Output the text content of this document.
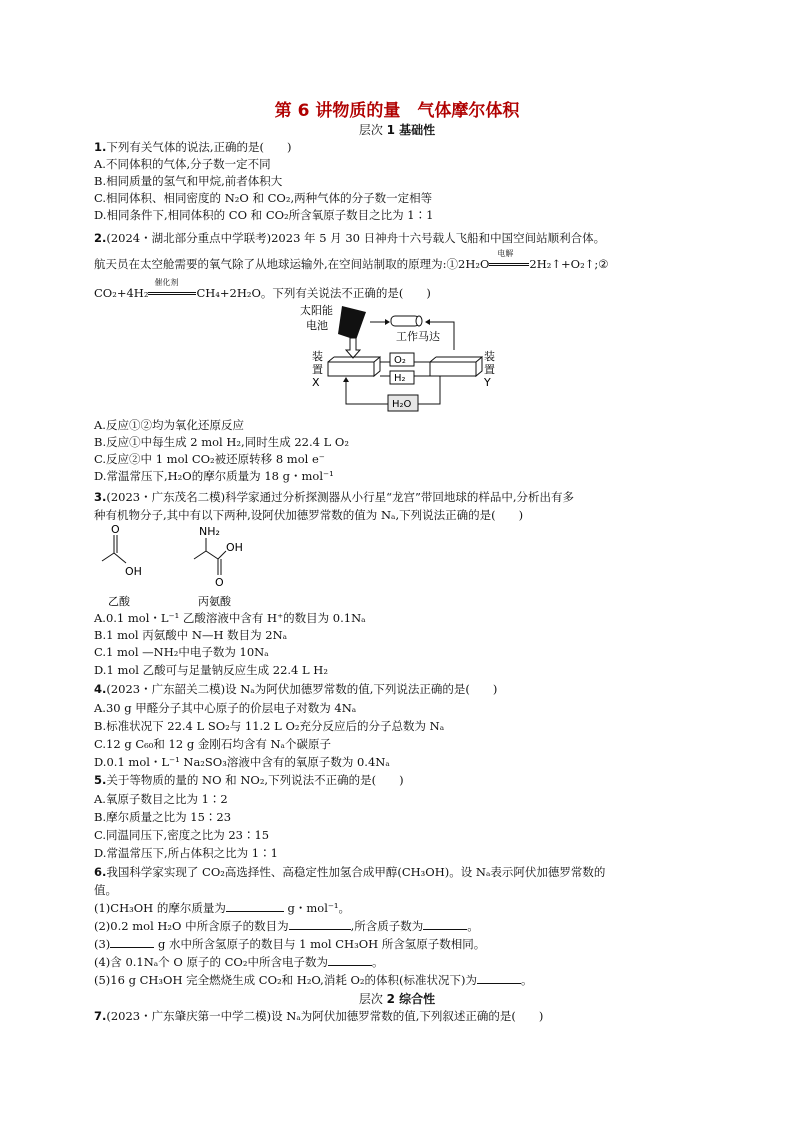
第 6 讲物质的量　气体摩尔体积
层次 1 基础性
1.下列有关气体的说法,正确的是(　　)
A.不同体积的气体,分子数一定不同
B.相同质量的氢气和甲烷,前者体积大
C.相同体积、相同密度的 N₂O 和 CO₂,两种气体的分子数一定相等
D.相同条件下,相同体积的 CO 和 CO₂所含氧原子数目之比为 1∶1
2.(2024・湖北部分重点中学联考)2023 年 5 月 30 日神舟十六号载人飞船和中国空间站顺利合体。
航天员在太空舱需要的氧气除了从地球运输外,在空间站制取的原理为:①2H₂O
电解
2H₂↑+O₂↑;②
CO₂+4H₂
催化剂
CH₄+2H₂O。下列有关说法不正确的是(　　)
太阳能
电池
工作马达
装
置
X
装
置
Y
O₂
H₂
H₂O
A.反应①②均为氧化还原反应
B.反应①中每生成 2 mol H₂,同时生成 22.4 L O₂
C.反应②中 1 mol CO₂被还原转移 8 mol e⁻
D.常温常压下,H₂O的摩尔质量为 18 g・mol⁻¹
3.(2023・广东茂名二模)科学家通过分析探测器从小行星“龙宫”带回地球的样品中,分析出有多
种有机物分子,其中有以下两种,设阿伏加德罗常数的值为 Nₐ,下列说法正确的是(　　)
O
OH
NH₂
OH
O
乙酸	丙氨酸
A.0.1 mol・L⁻¹ 乙酸溶液中含有 H⁺的数目为 0.1Nₐ
B.1 mol 丙氨酸中 N—H 数目为 2Nₐ
C.1 mol —NH₂中电子数为 10Nₐ
D.1 mol 乙酸可与足量钠反应生成 22.4 L H₂
4.(2023・广东韶关二模)设 Nₐ为阿伏加德罗常数的值,下列说法正确的是(　　)
A.30 g 甲醛分子其中心原子的价层电子对数为 4Nₐ
B.标准状况下 22.4 L SO₂与 11.2 L O₂充分反应后的分子总数为 Nₐ
C.12 g C₆₀和 12 g 金刚石均含有 Nₐ个碳原子
D.0.1 mol・L⁻¹ Na₂SO₃溶液中含有的氧原子数为 0.4Nₐ
5.关于等物质的量的 NO 和 NO₂,下列说法不正确的是(　　)
A.氧原子数目之比为 1∶2
B.摩尔质量之比为 15∶23
C.同温同压下,密度之比为 23∶15
D.常温常压下,所占体积之比为 1∶1
6.我国科学家实现了 CO₂高选择性、高稳定性加氢合成甲醇(CH₃OH)。设 Nₐ表示阿伏加德罗常数的
值。
(1)CH₃OH 的摩尔质量为	g・mol⁻¹。
(2)0.2 mol H₂O 中所含原子的数目为	,所含质子数为	。
(3)	g 水中所含氢原子的数目与 1 mol CH₃OH 所含氢原子数相同。
(4)含 0.1Nₐ个 O 原子的 CO₂中所含电子数为	。
(5)16 g CH₃OH 完全燃烧生成 CO₂和 H₂O,消耗 O₂的体积(标准状况下)为	。
层次 2 综合性
7.(2023・广东肇庆第一中学二模)设 Nₐ为阿伏加德罗常数的值,下列叙述正确的是(　　)
